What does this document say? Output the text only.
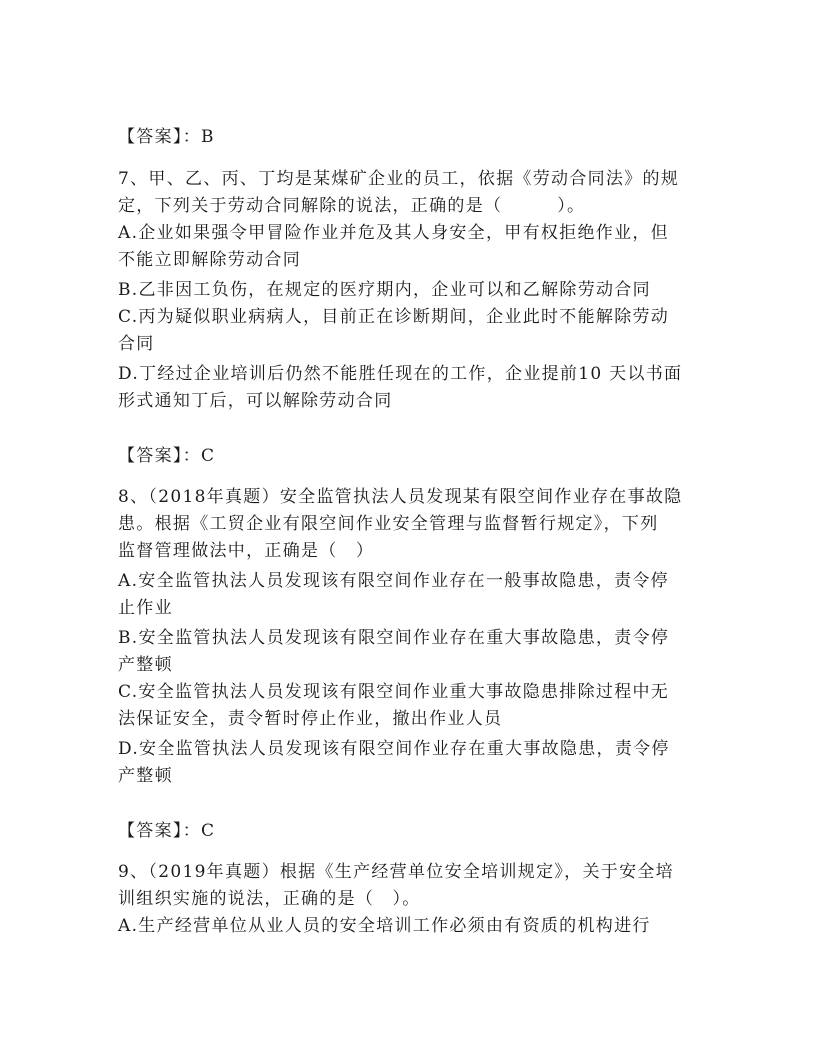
【答案】：B
7、甲、乙、丙、丁均是某煤矿企业的员工，依据《劳动合同法》的规
定，下列关于劳动合同解除的说法，正确的是（　　　）。
A.企业如果强令甲冒险作业并危及其人身安全，甲有权拒绝作业，但
不能立即解除劳动合同
B.乙非因工负伤，在规定的医疗期内，企业可以和乙解除劳动合同
C.丙为疑似职业病病人，目前正在诊断期间，企业此时不能解除劳动
合同
D.丁经过企业培训后仍然不能胜任现在的工作，企业提前10 天以书面
形式通知丁后，可以解除劳动合同
【答案】：C
8、（2018年真题）安全监管执法人员发现某有限空间作业存在事故隐
患。根据《工贸企业有限空间作业安全管理与监督暂行规定》，下列
监督管理做法中，正确是（　）
A.安全监管执法人员发现该有限空间作业存在一般事故隐患，责令停
止作业
B.安全监管执法人员发现该有限空间作业存在重大事故隐患，责令停
产整顿
C.安全监管执法人员发现该有限空间作业重大事故隐患排除过程中无
法保证安全，责令暂时停止作业，撤出作业人员
D.安全监管执法人员发现该有限空间作业存在重大事故隐患，责令停
产整顿
【答案】：C
9、（2019年真题）根据《生产经营单位安全培训规定》，关于安全培
训组织实施的说法，正确的是（　）。
A.生产经营单位从业人员的安全培训工作必须由有资质的机构进行
